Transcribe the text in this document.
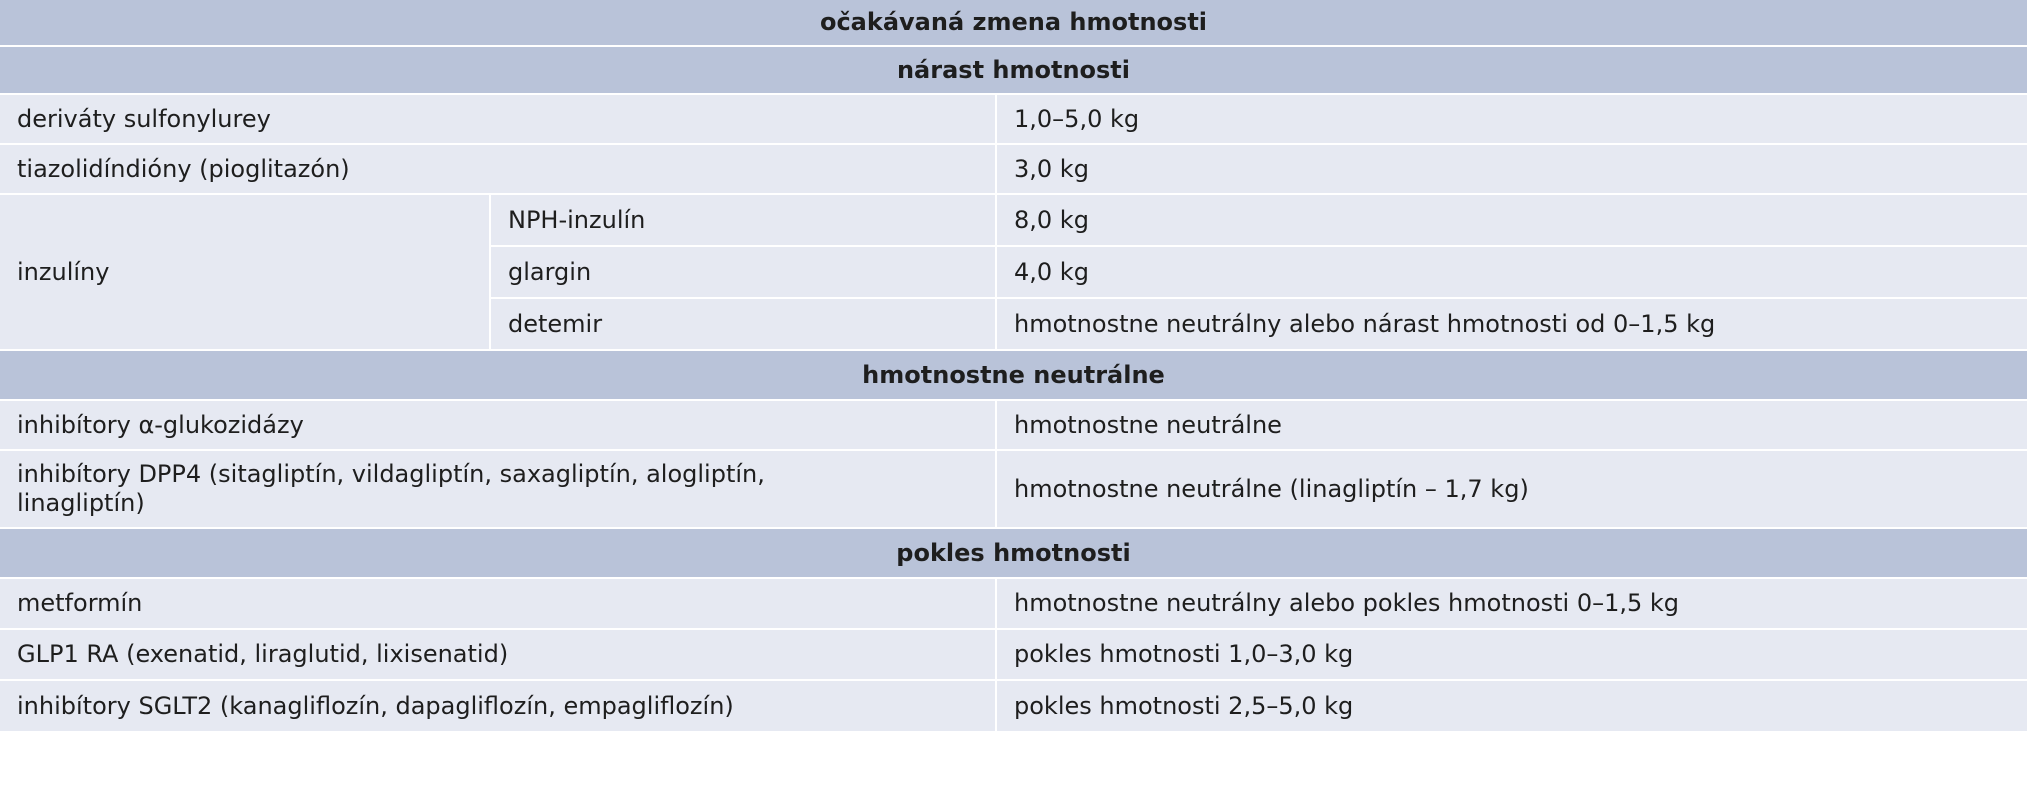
očakávaná zmena hmotnosti		
nárast hmotnosti		
deriváty sulfonylurey		1,0–5,0 kg
tiazolidíndióny (pioglitazón)		3,0 kg
inzulíny	NPH-inzulín	8,0 kg
	glargin	4,0 kg
	detemir	hmotnostne neutrálny alebo nárast hmotnosti od 0–1,5 kg
hmotnostne neutrálne		
inhibítory α-glukozidázy		hmotnostne neutrálne
inhibítory DPP4 (sitagliptín, vildagliptín, saxagliptín, alogliptín,
linagliptín)		hmotnostne neutrálne (linagliptín – 1,7 kg)
pokles hmotnosti		
metformín		hmotnostne neutrálny alebo pokles hmotnosti 0–1,5 kg
GLP1 RA (exenatid, liraglutid, lixisenatid)		pokles hmotnosti 1,0–3,0 kg
inhibítory SGLT2 (kanagliflozín, dapagliflozín, empagliflozín)		pokles hmotnosti 2,5–5,0 kg
